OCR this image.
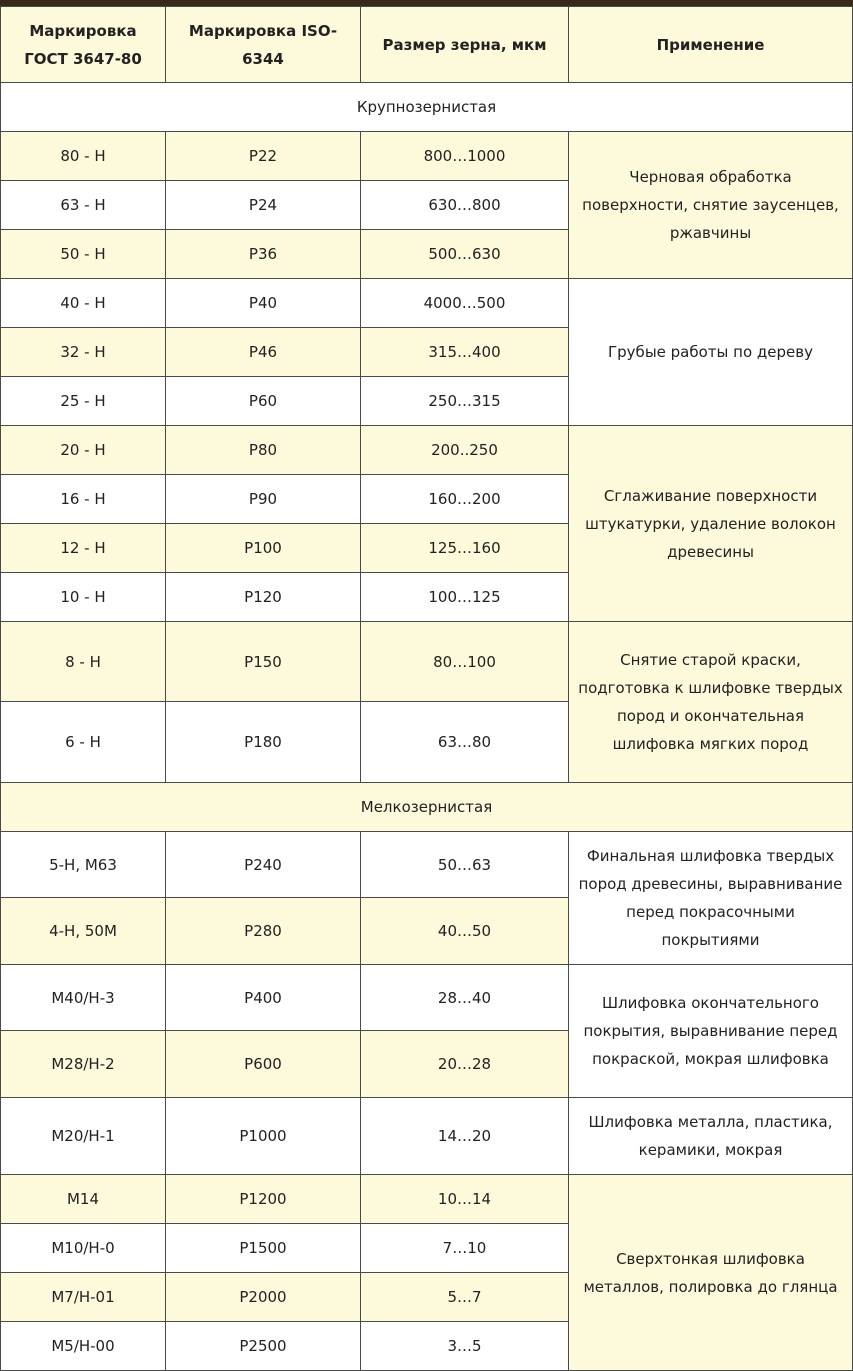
Маркировка ГОСТ 3647-80	Маркировка ISO-6344	Размер зерна, мкм	Применение
Крупнозернистая			
80 - Н	P22	800…1000	Черновая обработка поверхности, снятие заусенцев, ржавчины
63 - Н	P24	630…800	
50 - Н	P36	500…630	
40 - Н	P40	4000…500	Грубые работы по дереву
32 - Н	P46	315…400	
25 - Н	P60	250…315	
20 - Н	P80	200..250	Сглаживание поверхности штукатурки, удаление волокон древесины
16 - Н	P90	160…200	
12 - Н	P100	125…160	
10 - Н	P120	100…125	
8 - Н	P150	80…100	Снятие старой краски, подготовка к шлифовке твердых пород и окончательная шлифовка мягких пород
6 - Н	P180	63…80	
Мелкозернистая			
5-Н, М63	P240	50…63	Финальная шлифовка твердых пород древесины, выравнивание перед покрасочными покрытиями
4-Н, 50М	P280	40…50	
М40/Н-3	P400	28…40	Шлифовка окончательного покрытия, выравнивание перед покраской, мокрая шлифовка
М28/Н-2	P600	20…28	
М20/Н-1	P1000	14…20	Шлифовка металла, пластика, керамики, мокрая
М14	P1200	10…14	Сверхтонкая шлифовка металлов, полировка до глянца
М10/Н-0	P1500	7…10	
М7/Н-01	P2000	5…7	
М5/Н-00	P2500	3…5	
